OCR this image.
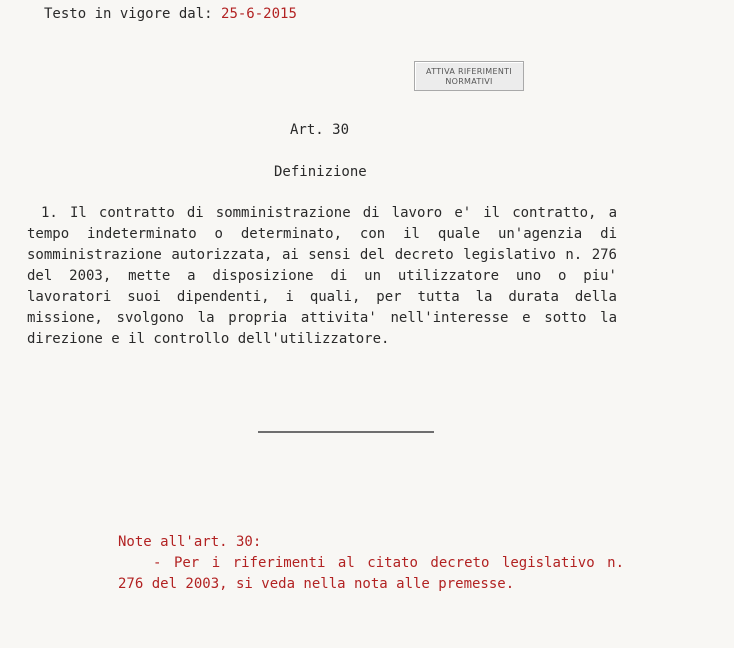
Testo in vigore dal: 25-6-2015
ATTIVA RIFERIMENTI
NORMATIVI
Art. 30
Definizione
1. Il contratto di somministrazione di lavoro e' il contratto, a
tempo indeterminato o determinato, con il quale un'agenzia di
somministrazione autorizzata, ai sensi del decreto legislativo n. 276
del 2003, mette a disposizione di un utilizzatore uno o piu'
lavoratori suoi dipendenti, i quali, per tutta la durata della
missione, svolgono la propria attivita' nell'interesse e sotto la
direzione e il controllo dell'utilizzatore.
Note all'art. 30:
- Per i riferimenti al citato decreto legislativo n.
276 del 2003, si veda nella nota alle premesse.
